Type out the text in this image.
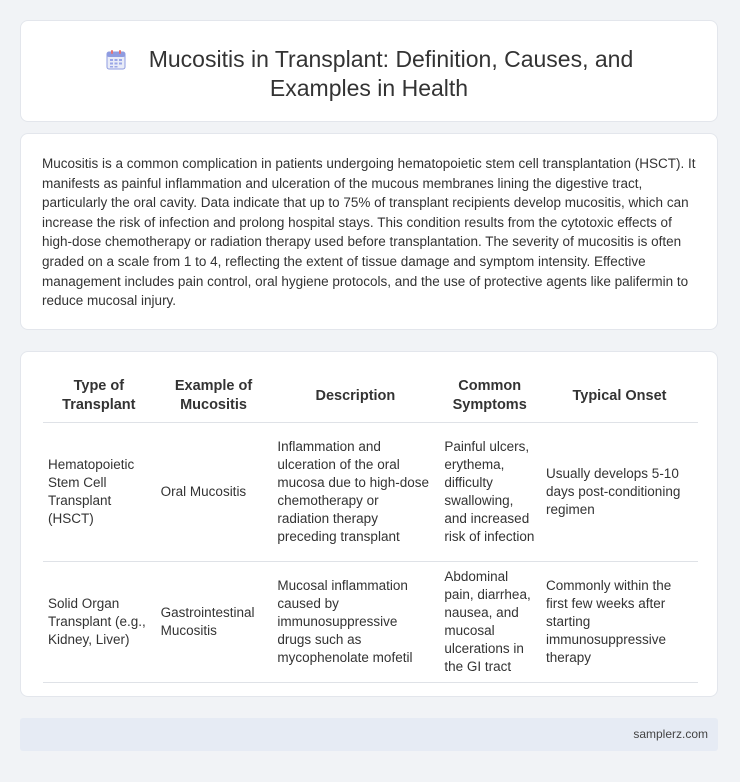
Mucositis in Transplant: Definition, Causes, and
Examples in Health
Mucositis is a common complication in patients undergoing hematopoietic stem cell transplantation (HSCT). It manifests as painful inflammation and ulceration of the mucous membranes lining the digestive tract, particularly the oral cavity. Data indicate that up to 75% of transplant recipients develop mucositis, which can increase the risk of infection and prolong hospital stays. This condition results from the cytotoxic effects of high-dose chemotherapy or radiation therapy used before transplantation. The severity of mucositis is often graded on a scale from 1 to 4, reflecting the extent of tissue damage and symptom intensity. Effective management includes pain control, oral hygiene protocols, and the use of protective agents like palifermin to reduce mucosal injury.
Type of Transplant	Example of Mucositis	Description	Common Symptoms	Typical Onset
Hematopoietic Stem Cell Transplant (HSCT)	Oral Mucositis	Inflammation and ulceration of the oral mucosa due to high-dose chemotherapy or radiation therapy preceding transplant	Painful ulcers, erythema, difficulty swallowing, and increased risk of infection	Usually develops 5-10 days post-conditioning regimen
Solid Organ Transplant (e.g., Kidney, Liver)	Gastrointestinal Mucositis	Mucosal inflammation caused by immunosuppressive drugs such as mycophenolate mofetil	Abdominal pain, diarrhea, nausea, and mucosal ulcerations in the GI tract	Commonly within the first few weeks after starting immunosuppressive therapy
samplerz.com
